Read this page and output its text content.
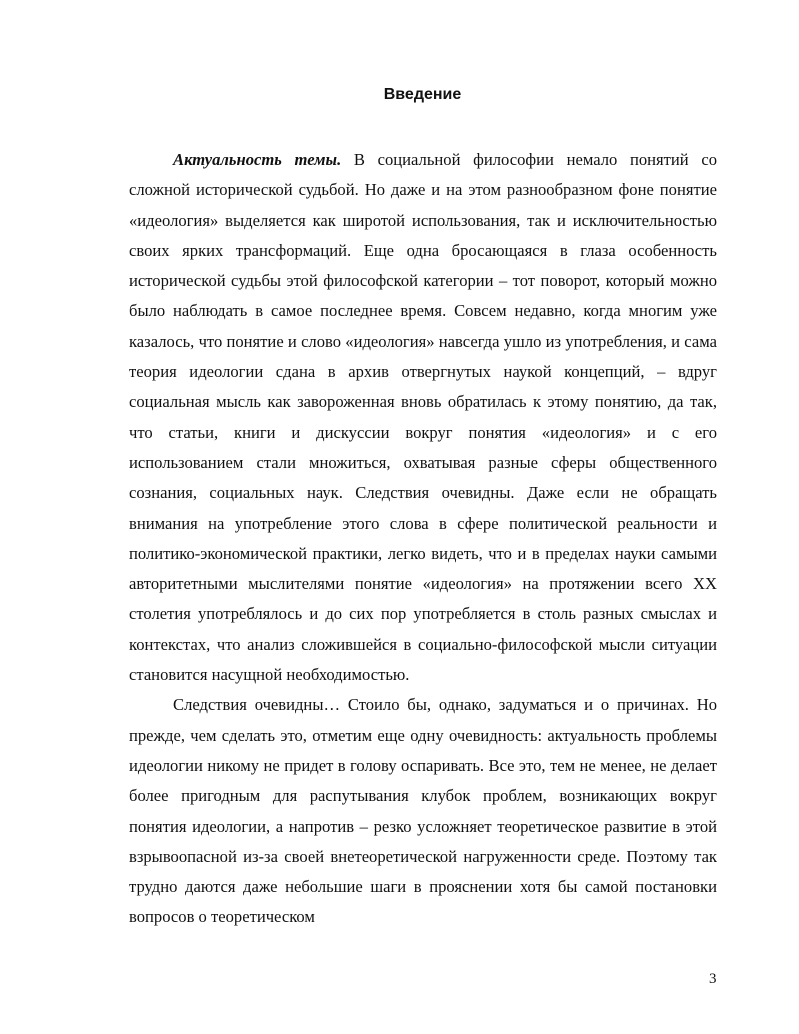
Введение

Актуальность темы. В социальной философии немало понятий со сложной исторической судьбой. Но даже и на этом разнообразном фоне понятие «идеология» выделяется как широтой использования, так и исключительностью своих ярких трансформаций. Еще одна бросающаяся в глаза особенность исторической судьбы этой философской категории – тот поворот, который можно было наблюдать в самое последнее время. Совсем недавно, когда многим уже казалось, что понятие и слово «идеология» навсегда ушло из употребления, и сама теория идеологии сдана в архив отвергнутых наукой концепций, – вдруг социальная мысль как завороженная вновь обратилась к этому понятию, да так, что статьи, книги и дискуссии вокруг понятия «идеология» и с его использованием стали множиться, охватывая разные сферы общественного сознания, социальных наук. Следствия очевидны. Даже если не обращать внимания на употребление этого слова в сфере политической реальности и политико-экономической практики, легко видеть, что и в пределах науки самыми авторитетными мыслителями понятие «идеология» на протяжении всего XX столетия употреблялось и до сих пор употребляется в столь разных смыслах и контекстах, что анализ сложившейся в социально-философской мысли ситуации становится насущной необходимостью.

Следствия очевидны… Стоило бы, однако, задуматься и о причинах. Но прежде, чем сделать это, отметим еще одну очевидность: актуальность проблемы идеологии никому не придет в голову оспаривать. Все это, тем не менее, не делает более пригодным для распутывания клубок проблем, возникающих вокруг понятия идеологии, а напротив – резко усложняет теоретическое развитие в этой взрывоопасной из-за своей внетеоретической нагруженности среде. Поэтому так трудно даются даже небольшие шаги в прояснении хотя бы самой постановки вопросов о теоретическом

3
